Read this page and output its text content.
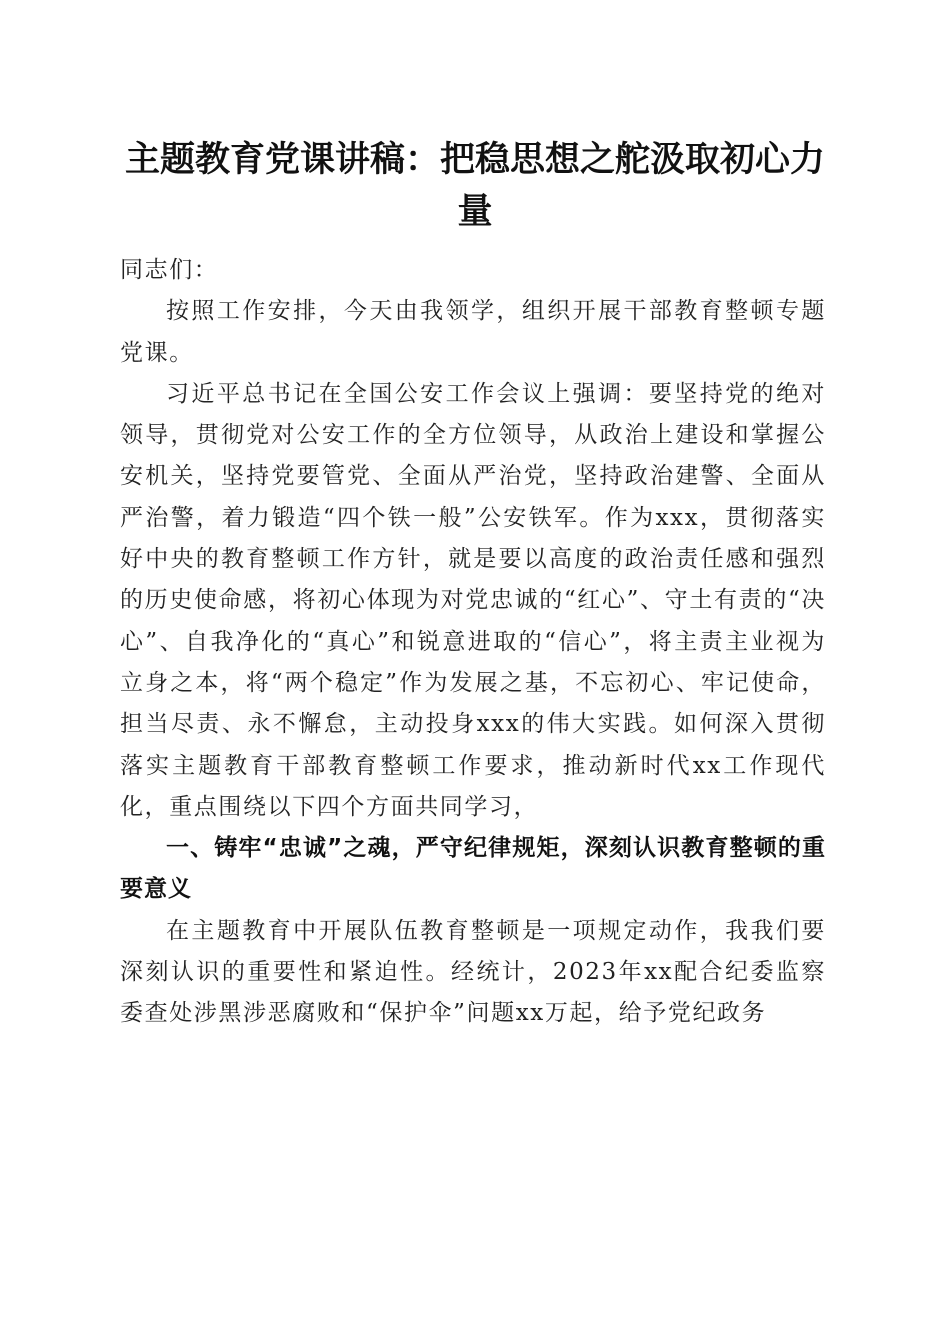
主题教育党课讲稿：把稳思想之舵汲取初心力量

同志们：

按照工作安排，今天由我领学，组织开展干部教育整顿专题党课。

习近平总书记在全国公安工作会议上强调：要坚持党的绝对领导，贯彻党对公安工作的全方位领导，从政治上建设和掌握公安机关，坚持党要管党、全面从严治党，坚持政治建警、全面从严治警，着力锻造“四个铁一般”公安铁军。作为xxx，贯彻落实好中央的教育整顿工作方针，就是要以高度的政治责任感和强烈的历史使命感，将初心体现为对党忠诚的“红心”、守土有责的“决心”、自我净化的“真心”和锐意进取的“信心”，将主责主业视为立身之本，将“两个稳定”作为发展之基，不忘初心、牢记使命，担当尽责、永不懈怠，主动投身xxx的伟大实践。如何深入贯彻落实主题教育干部教育整顿工作要求，推动新时代xx工作现代化，重点围绕以下四个方面共同学习，

一、铸牢“忠诚”之魂，严守纪律规矩，深刻认识教育整顿的重要意义

在主题教育中开展队伍教育整顿是一项规定动作，我我们要深刻认识的重要性和紧迫性。经统计，2023年xx配合纪委监察委查处涉黑涉恶腐败和“保护伞”问题xx万起，给予党纪政务
